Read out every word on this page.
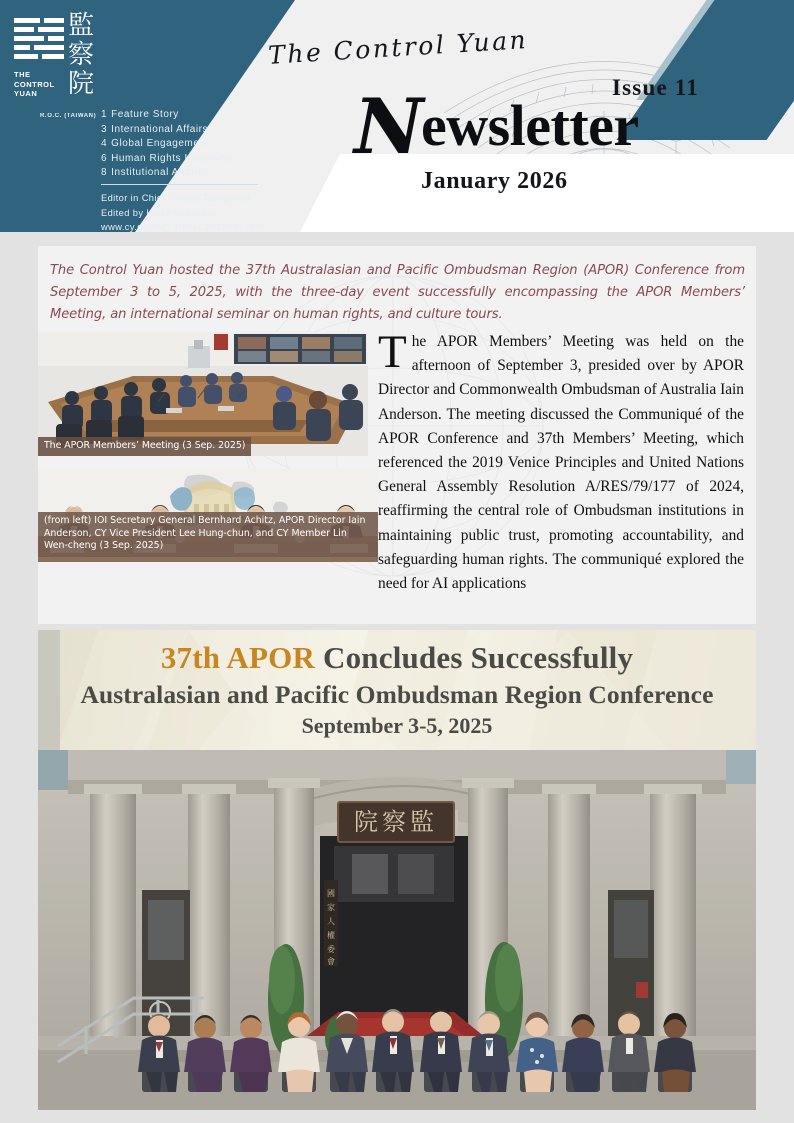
THE
CONTROL
YUAN
R.O.C. (TAIWAN)
監
察
院
1 Feature Story
3 International Affairs
4 Global Engagement
6 Human Rights Initiatives
8 Institutional Affairs
Editor in Chief : Wang Tseng-hwa
Edited by Hsu Pei-hsuan
www.cy.gov.tw I GPN : 2010901249
The Control Yuan
Newsletter
Issue 11
January 2026
The Control Yuan hosted the 37th Australasian and Pacific Ombudsman Region (APOR) Conference from September 3 to 5, 2025, with the three-day event successfully encompassing the APOR Members’ Meeting, an international seminar on human rights, and culture tours.
The APOR Members’ Meeting (3 Sep. 2025)
(from left) IOI Secretary General Bernhard Achitz, APOR Director Iain Anderson, CY Vice President Lee Hung-chun, and CY Member Lin Wen-cheng (3 Sep. 2025)
The APOR Members’ Meeting was held on the afternoon of September 3, presided over by APOR Director and Commonwealth Ombudsman of Australia Iain Anderson. The meeting discussed the Communiqué of the APOR Conference and 37th Members’ Meeting, which referenced the 2019 Venice Principles and United Nations General Assembly Resolution A/RES/79/177 of 2024, reaffirming the central role of Ombudsman institutions in maintaining public trust, promoting accountability, and safeguarding human rights. The communiqué explored the need for AI applications
37th APOR Concludes Successfully
Australasian and Pacific Ombudsman Region Conference
September 3-5, 2025
院察監
國
家
人
權
委
會
